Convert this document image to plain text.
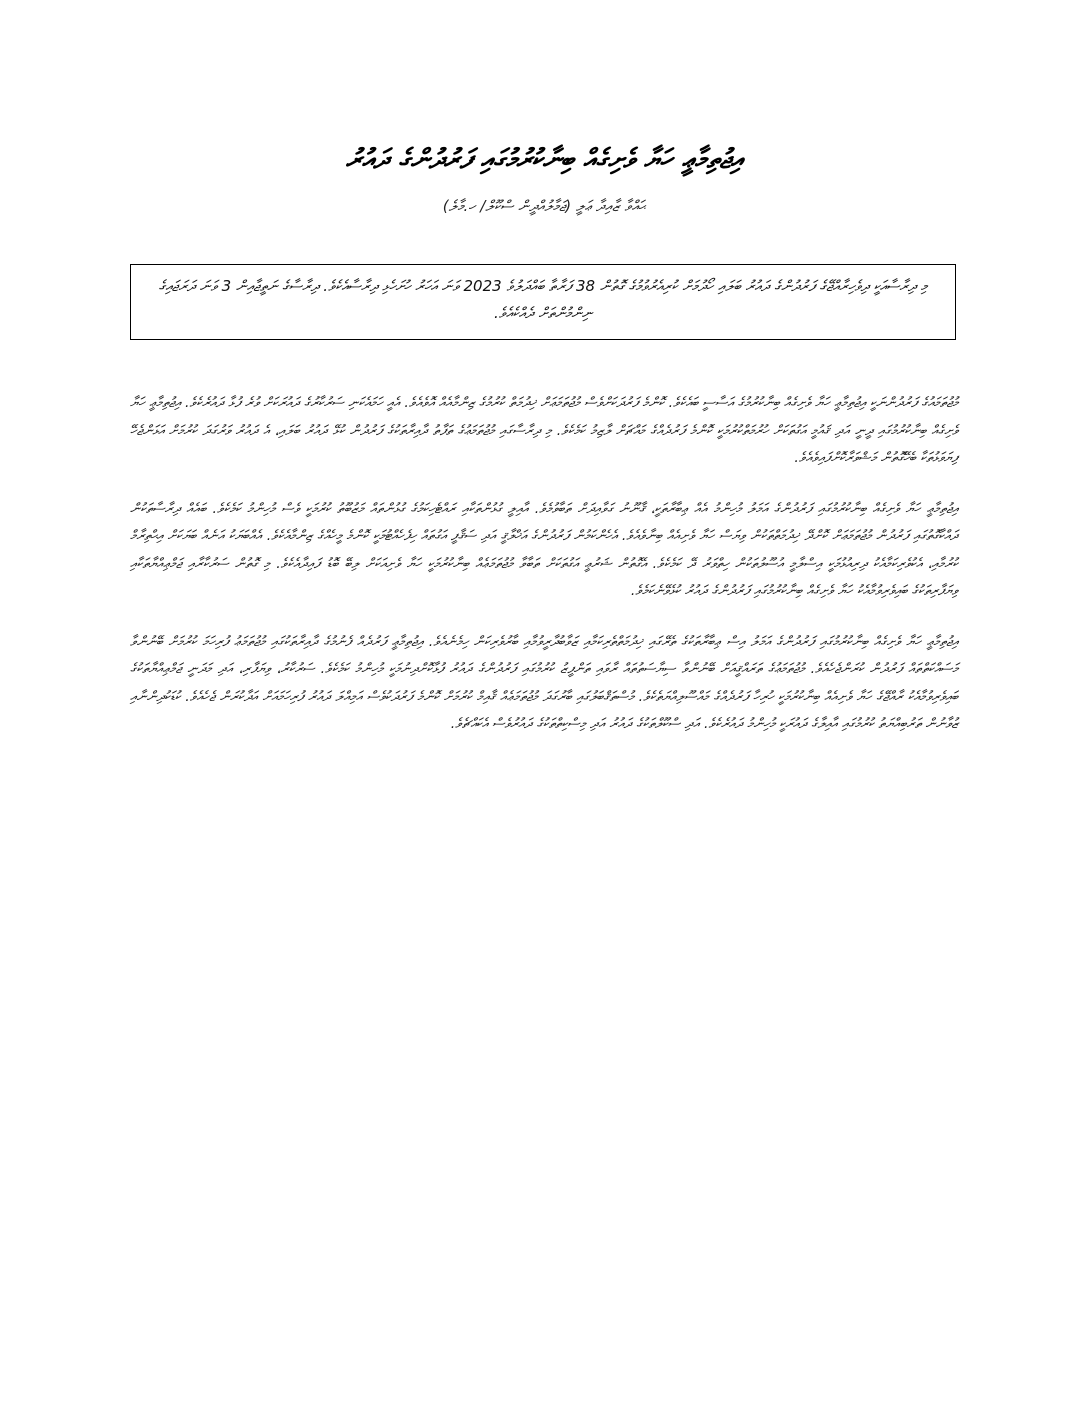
އިޖުތިމާޢީ ހަޔާ ވެށިގެއް ބިނާކުރުމުގައި ފަރުދުންގެ ދައުރު
ޙައްވާ ޒާއިދާ ޢަލީ (ޖަމާލުއްދީން ސްކޫލް/ ހ.މާލެ)
މި ދިރާސާއަކީ ދިވެހިރާއްޖޭގެ ފަރުދުންގެ ދައުރު ބަލައި ހޯދުމަށް ކުރިއެރުވުމުގެ ގޮތުން 38 ފަރާތާ ބައްދަލުވެ 2023 ވަނަ އަހަރު ހުށަހެޅި ދިރާސާއެކެވެ. ދިރާސާގެ ނަތީޖާއިން 3 ވަނަ ދަރަޖައިގެ ނިންމުންތަށް ދެއްކެއެވެ.

މުޖުތަމައުގެ ފަރުދުންނަކީ އިޖުތިމާޢީ ހަޔާ ވެށިގެއް ބިނާކުރުމުގެ އަސާސީ ބައެކެވެ. ކޮންމެ ފަރުދަކަށްވެސް މުޖުތަމަޢަށް ޚިދުމަތް ކުރުމުގެ ޒިންމާއެއް އޮވެއެވެ. އެއީ ހަމައެކަނި ސަރުކާރުގެ ދައުރަކަށް ވުރެ ފުޅާ ދައުރެކެވެ. އިޖުތިމާޢީ ހަޔާ ވެށިގެއް ބިނާކުރުމުގައި ދީނީ އަދި ޤައުމީ އަގުތަކަށް ހުރުމަތްކުރުމަކީ ކޮންމެ ފަރުދެއްގެ މައްޗަށް ލާޒިމު ކަމެކެވެ. މި ދިރާސާގައި މުޖުތަމަޢުގެ ތަފާތު ދާއިރާތަކުގެ ފަރުދުން ކުޅޭ ދައުރު ބަލައި، އެ ދައުރު ވަރުގަދަ ކުރުމަށް އަޅަންޖެހޭ ފިޔަވަޅުތަކާ ބެހޭގޮތުން މަޝްވަރާކޮށްފައިވެއެވެ.

އިޖުތިމާޢީ ހަޔާ ވެށިގެއް ބިނާކުރުމުގައި ފަރުދުންގެ އަމަލު މުހިންމު އެއް ޢިބާރާތަކީ، ޤާނޫނު ގަވާއިދަށް ތަބާވުމެވެ. އާއިލީ ގުޅުންތަކާއި ރައްޓެހިކަމުގެ ގުޅުންތައް މަޒުބޫތު ކުރުމަކީ ވެސް މުހިންމު ކަމެކެވެ. ބައެއް ދިރާސާތަކުން ދައްކާގޮތުގައި ފަރުދުން މުޖުތަމަޢަށް ކޮށްދޭ ޚިދުމަތްތަކުން ވިޔަސް ހަޔާ ވެށިއެއް ބިނާވެއެވެ. އެހެންކަމުން ފަރުދުންގެ އަޚްލާޤީ އަދި ސަޤާފީ އަގުތައް ހިފެހެއްޓުމަކީ ކޮންމެ މީހެއްގެ ޒިންމާއެކެވެ. އެއްބަޔަކު އަނެއް ބަޔަކަށް އިޙްތިރާމް ކުރުމާއި، އެކުވެރިކަމާއެކު ދިރިއުޅުމަކީ އިސްލާމީ އުސޫލުތަކުން ހިތްވަރު ދޭ ކަމެކެވެ. އެގޮތުން ޝަރުޢީ އަގުތަކަށް ތަބާވާ މުޖުތަމަޢެއް ބިނާކުރުމަކީ ހަޔާ ވެށިއަކަށް ލިބޭ ބޮޑު ފައިދާއެކެވެ. މި ގޮތުން ސަރުކާރާއި ޖަމްޢިއްޔާތަކާއި ވިޔަފާރިތަކުގެ ބައިވެރިވުމާއެކު ހަޔާ ވެށިގެއް ބިނާކުރުމުގައި ފަރުދުންގެ ދައުރު ކުޅެވޭނެކަމެވެ.

އިޖުތިމާޢީ ހަޔާ ވެށިގެއް ބިނާކުރުމުގައި ފަރުދުންގެ އަމަލު އިސް ޢިބާރާތަކުގެ ތެރޭގައި ޚިދުމަތްތެރިކަމާއި ޒަވާބުދާރީވުމާއި ބާރުވެރިކަން ހިމެނެއެވެ. އިޖުތިމާޢީ ފަރުދެއް ފެނުމުގެ ދާއިރާތަކުގައި މުޖުތަމަޢު ފުރިހަމަ ކުރުމަށް ބޭނުންވާ މަސައްކަތްތައް ފަރުދުން ކުރަންޖެހެއެވެ. މުޖުތަމަޢުގެ ތަރައްޤީއަށް ބޭނުންވާ ސިޔާސަތުތައް ރާވައި ތަންފީޒު ކުރުމުގައި ފަރުދުންގެ ދައުރު ފުޅާކޮށްދިނުމަކީ މުހިންމު ކަމެކެވެ. ސަރުކާރު، ވިޔަފާރި، އަދި މަދަނީ ޖަމްޢިއްޔާތަކުގެ ބައިވެރިވުމާއެކު ރާއްޖޭގެ ހަޔާ ވެށިއެއް ބިނާކުރުމަކީ ހުރިހާ ފަރުދެއްގެ މައްސޫލިއްޔަތެކެވެ. މުސްތަޤްބަލުގައި ބާރުގަދަ މުޖުތަމަޢެއް ޤާއިމް ކުރުމަށް ކޮންމެ ފަރުދަކުވެސް އަމިއްލަ ދައުރު ފުރިހަމައަށް އަދާކުރަން ޖެހެއެވެ. ކުޑަކުދިންނާއި ޒުވާނުން ތަރުބިއްޔަތު ކުރުމުގައި އާއިލާގެ ދައުރަކީ މުހިންމު ދައުރެކެވެ. އަދި ސްކޫލްތަކުގެ ދައުރު އަދި މިސްކިތްތަކުގެ ދައުރުވެސް އެކައްޗެވެ.
